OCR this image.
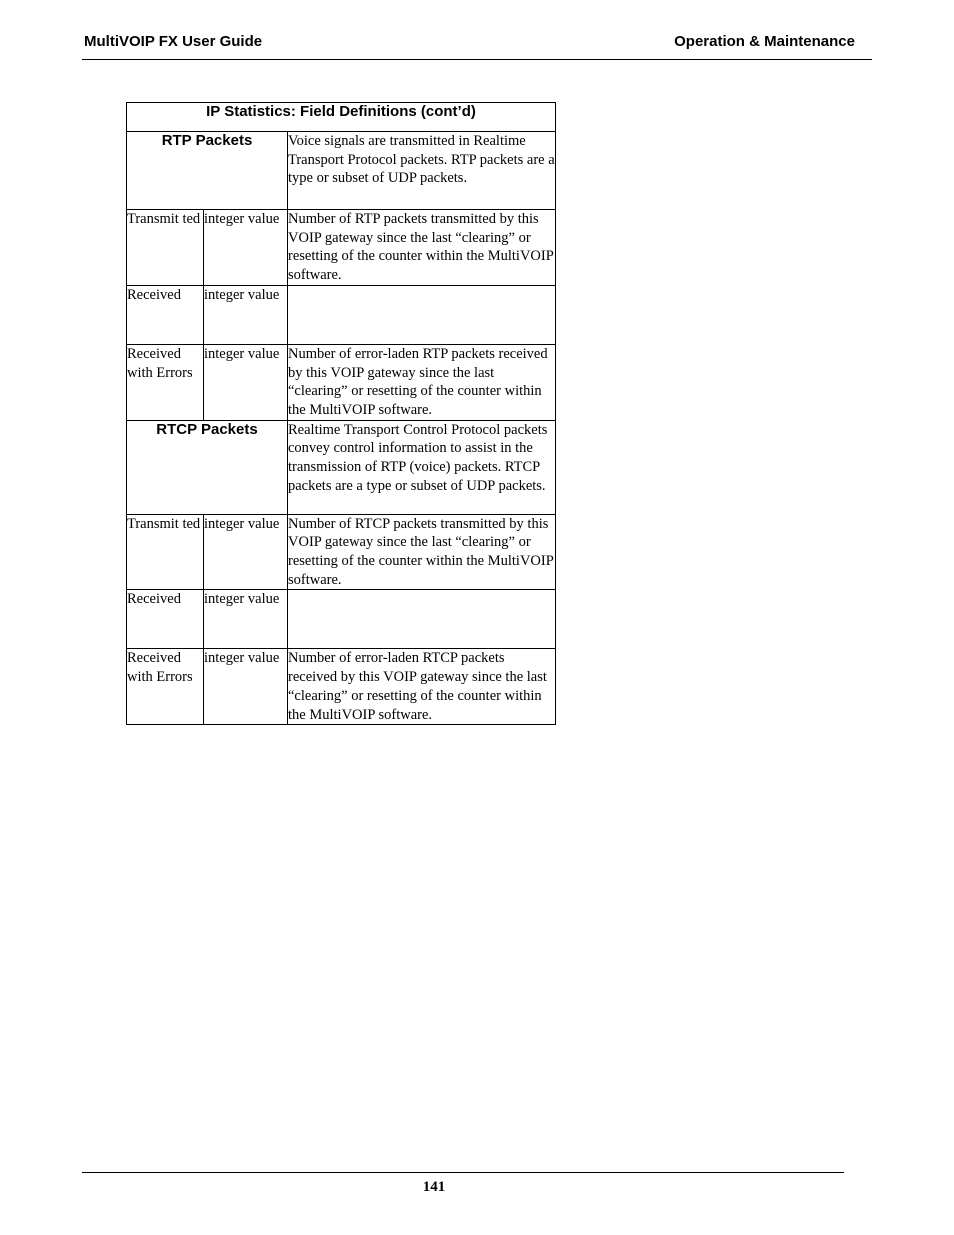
MultiVOIP FX User Guide	Operation & Maintenance
IP Statistics: Field Definitions (cont’d)		
RTP Packets		Voice signals are transmitted in Realtime Transport Protocol packets. RTP packets are a type or subset of UDP packets.
Transmit ted	integer value	Number of RTP packets transmitted by this VOIP gateway since the last “clearing” or resetting of the counter within the MultiVOIP software.
Received	integer value	
Received with Errors	integer value	Number of error-laden RTP packets received by this VOIP gateway since the last “clearing” or resetting of the counter within the MultiVOIP software.
RTCP Packets		Realtime Transport Control Protocol packets convey control information to assist in the transmission of RTP (voice) packets. RTCP packets are a type or subset of UDP packets.
Transmit ted	integer value	Number of RTCP packets transmitted by this VOIP gateway since the last “clearing” or resetting of the counter within the MultiVOIP software.
Received	integer value	
Received with Errors	integer value	Number of error-laden RTCP packets received by this VOIP gateway since the last “clearing” or resetting of the counter within the MultiVOIP software.
141
